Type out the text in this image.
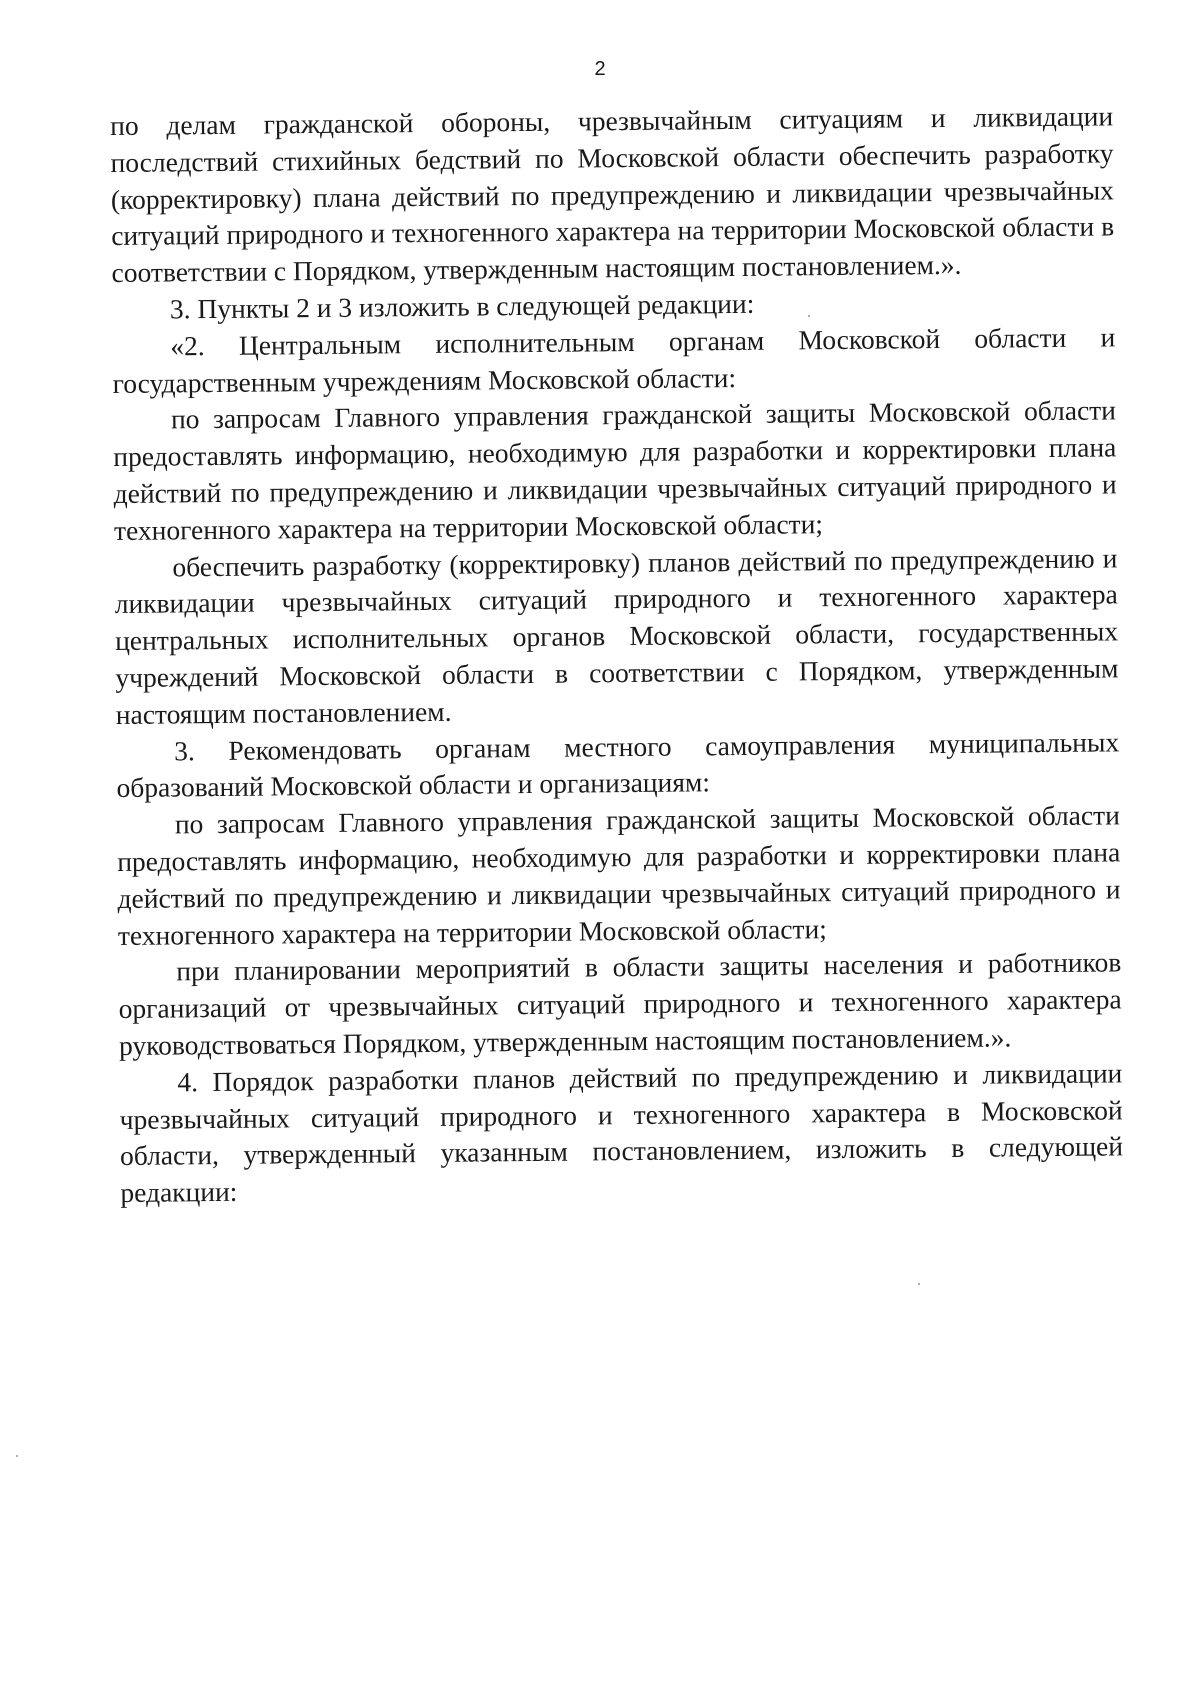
2

по делам гражданской обороны, чрезвычайным ситуациям и ликвидации последствий стихийных бедствий по Московской области обеспечить разработку (корректировку) плана действий по предупреждению и ликвидации чрезвычайных ситуаций природного и техногенного характера на территории Московской области в соответствии с Порядком, утвержденным настоящим постановлением.».

3. Пункты 2 и 3 изложить в следующей редакции:

«2. Центральным исполнительным органам Московской области и государственным учреждениям Московской области:

по запросам Главного управления гражданской защиты Московской области предоставлять информацию, необходимую для разработки и корректировки плана действий по предупреждению и ликвидации чрезвычайных ситуаций природного и техногенного характера на территории Московской области;

обеспечить разработку (корректировку) планов действий по предупреждению и ликвидации чрезвычайных ситуаций природного и техногенного характера центральных исполнительных органов Московской области, государственных учреждений Московской области в соответствии с Порядком, утвержденным настоящим постановлением.

3. Рекомендовать органам местного самоуправления муниципальных образований Московской области и организациям:

по запросам Главного управления гражданской защиты Московской области предоставлять информацию, необходимую для разработки и корректировки плана действий по предупреждению и ликвидации чрезвычайных ситуаций природного и техногенного характера на территории Московской области;

при планировании мероприятий в области защиты населения и работников организаций от чрезвычайных ситуаций природного и техногенного характера руководствоваться Порядком, утвержденным настоящим постановлением.».

4. Порядок разработки планов действий по предупреждению и ликвидации чрезвычайных ситуаций природного и техногенного характера в Московской области, утвержденный указанным постановлением, изложить в следующей редакции:
